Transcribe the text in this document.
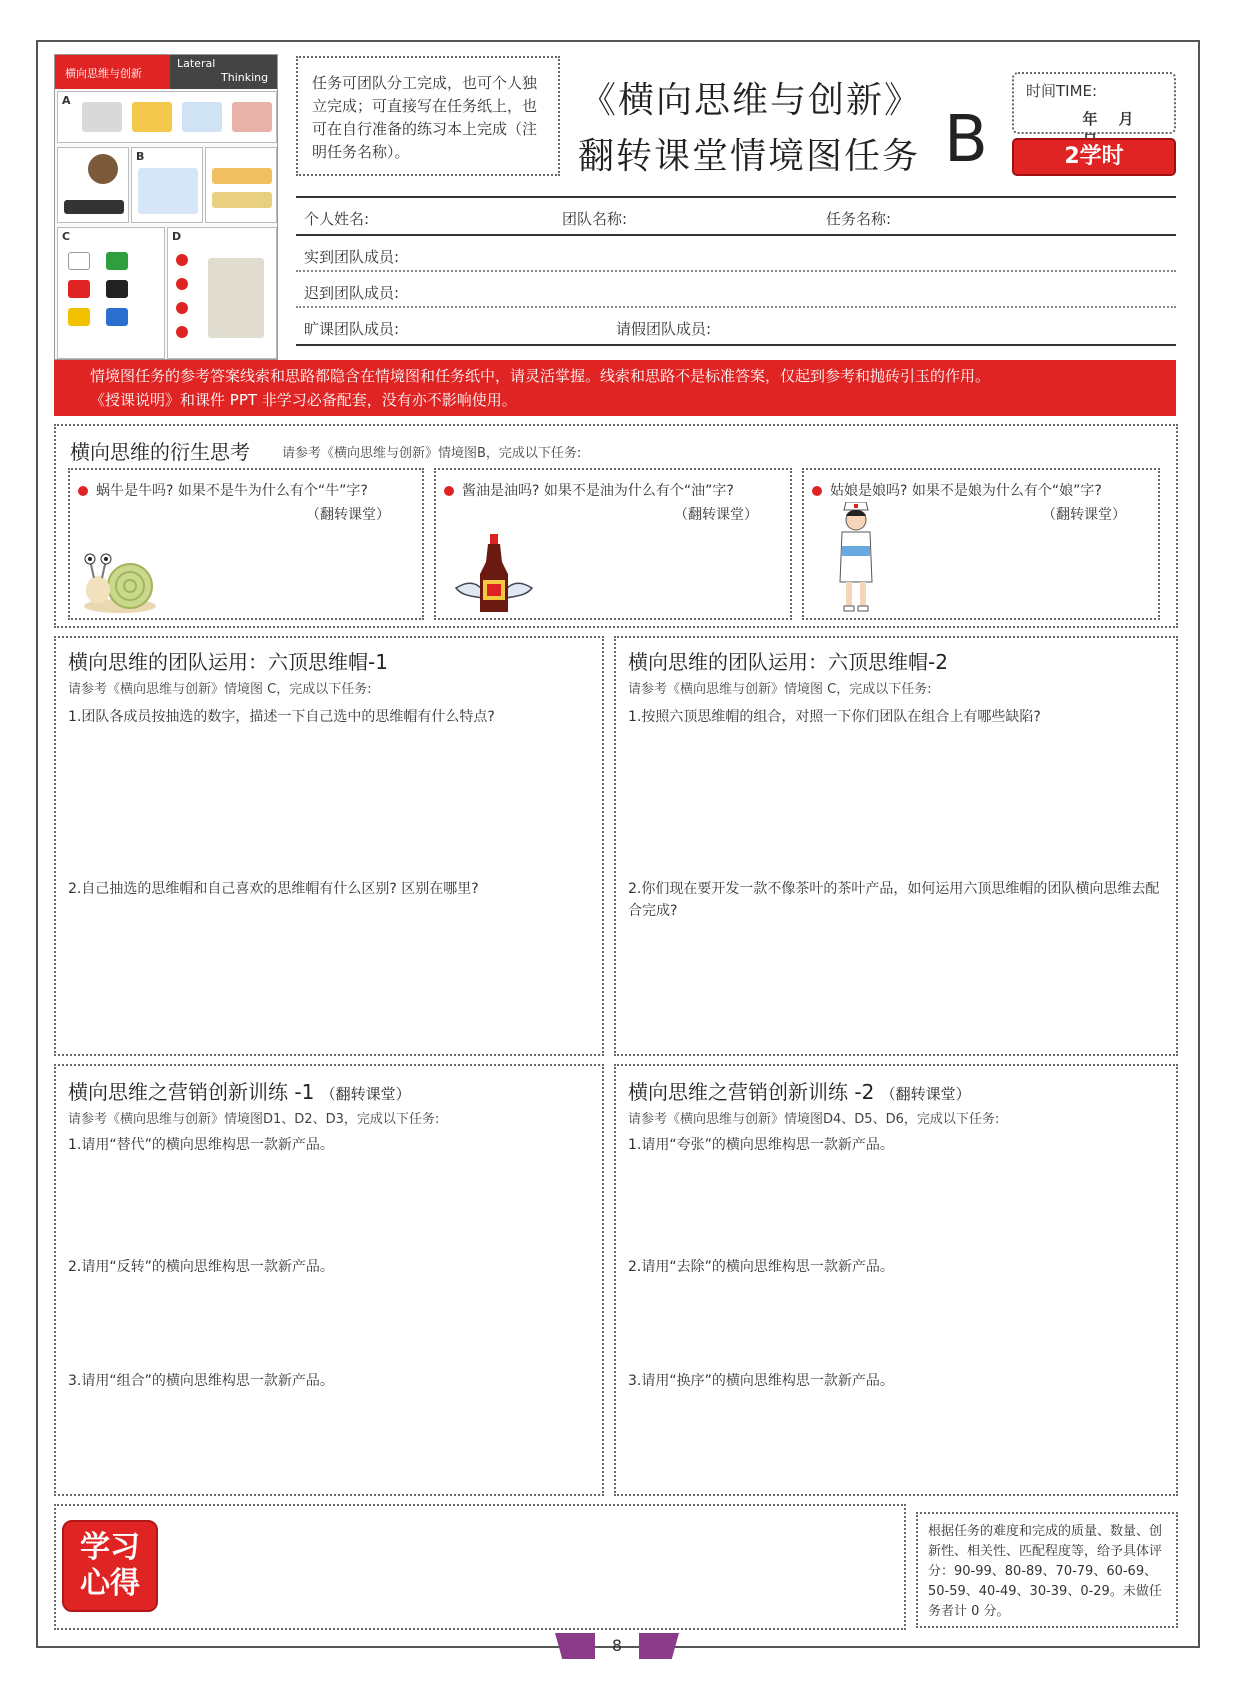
横向思维与创新
Lateral
Thinking
A
B
C	D
任务可团队分工完成，也可个人独立完成；可直接写在任务纸上，也可在自行准备的练习本上完成（注明任务名称）。
《横向思维与创新》
翻转课堂情境图任务 B
时间TIME:
年 月
2学时
个人姓名:	团队名称:	任务名称:
实到团队成员:
迟到团队成员:
旷课团队成员:	请假团队成员:
情境图任务的参考答案线索和思路都隐含在情境图和任务纸中，请灵活掌握。线索和思路不是标准答案，仅起到参考和抛砖引玉的作用。
《授课说明》和课件 PPT 非学习必备配套，没有亦不影响使用。
横向思维的衍生思考 请参考《横向思维与创新》情境图B，完成以下任务:
蜗牛是牛吗? 如果不是牛为什么有个“牛”字?
（翻转课堂）
酱油是油吗? 如果不是油为什么有个“油”字?
（翻转课堂）
姑娘是娘吗? 如果不是娘为什么有个“娘”字?
（翻转课堂）
横向思维的团队运用：六顶思维帽-1
请参考《横向思维与创新》情境图 C，完成以下任务:
1.团队各成员按抽选的数字，描述一下自己选中的思维帽有什么特点?
2.自己抽选的思维帽和自己喜欢的思维帽有什么区别? 区别在哪里?
横向思维的团队运用：六顶思维帽-2
请参考《横向思维与创新》情境图 C，完成以下任务:
1.按照六顶思维帽的组合，对照一下你们团队在组合上有哪些缺陷?
2.你们现在要开发一款不像茶叶的茶叶产品，如何运用六顶思维帽的团队横向思维去配合完成?
横向思维之营销创新训练 -1 （翻转课堂）
请参考《横向思维与创新》情境图D1、D2、D3，完成以下任务:
1.请用“替代”的横向思维构思一款新产品。
2.请用“反转”的横向思维构思一款新产品。
3.请用“组合”的横向思维构思一款新产品。
横向思维之营销创新训练 -2 （翻转课堂）
请参考《横向思维与创新》情境图D4、D5、D6，完成以下任务:
1.请用“夸张”的横向思维构思一款新产品。
2.请用“去除”的横向思维构思一款新产品。
3.请用“换序”的横向思维构思一款新产品。
学习
心得
根据任务的难度和完成的质量、数量、创新性、相关性、匹配程度等，给予具体评分：90-99、80-89、70-79、60-69、50-59、40-49、30-39、0-29。未做任务者计 0 分。
8
